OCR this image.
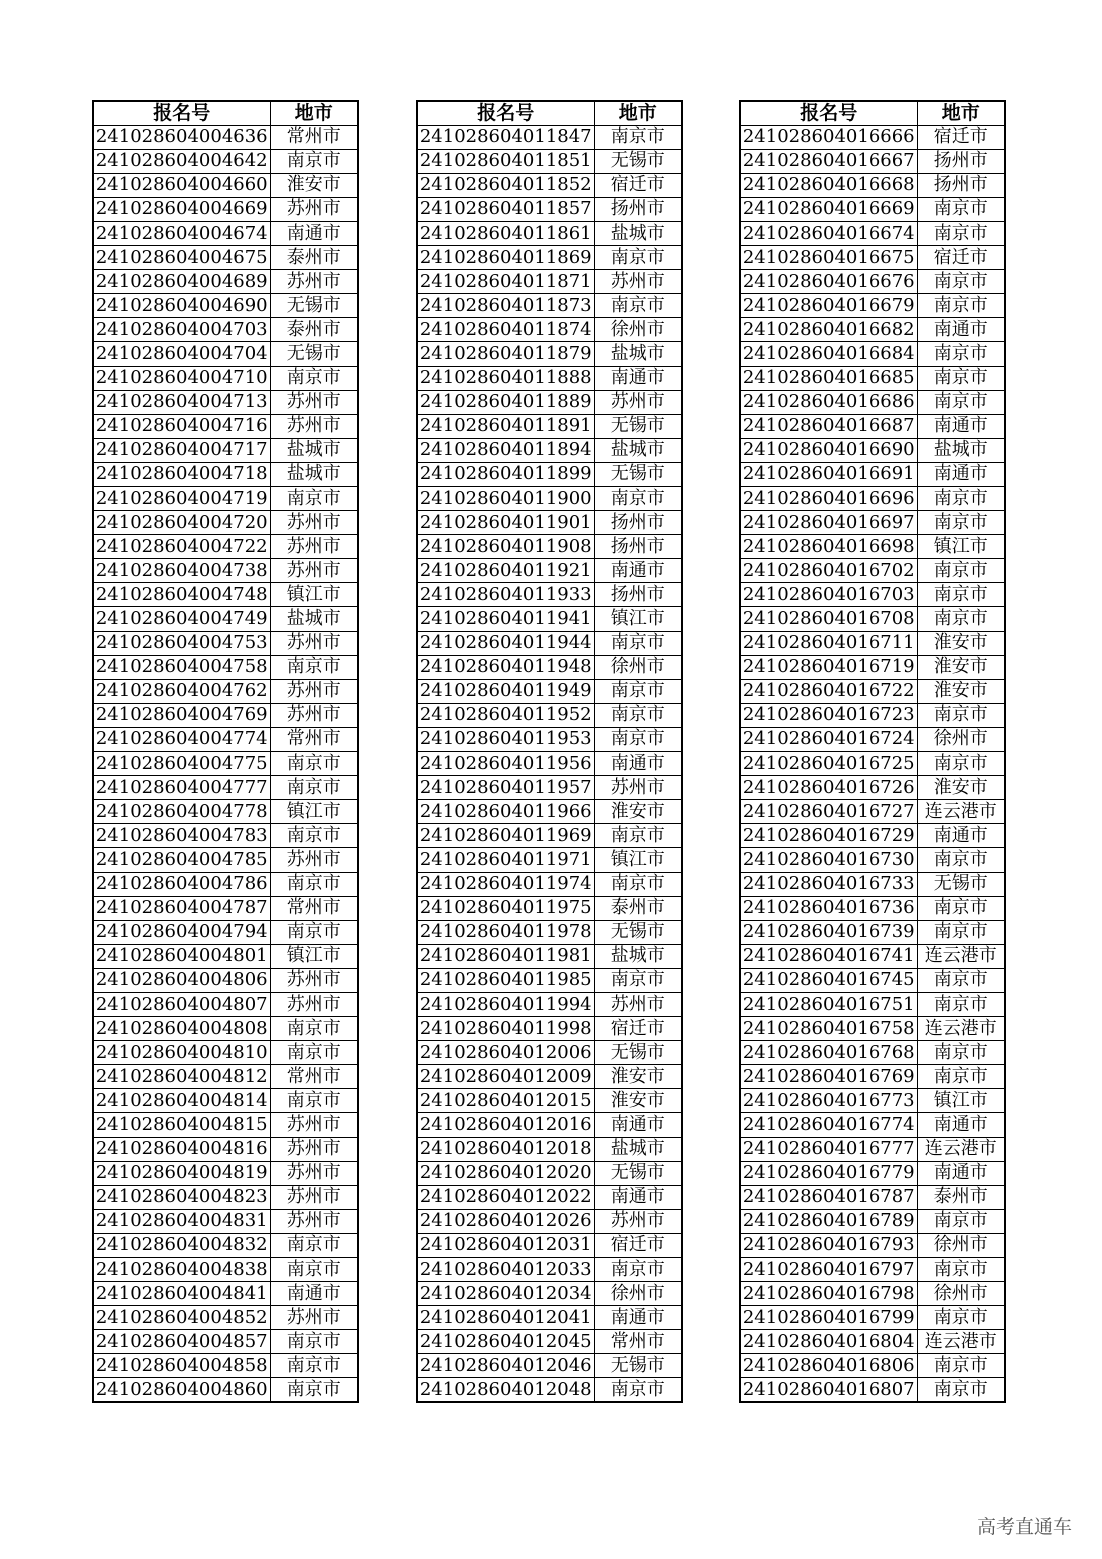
报名号	地市
241028604004636	常州市
241028604004642	南京市
241028604004660	淮安市
241028604004669	苏州市
241028604004674	南通市
241028604004675	泰州市
241028604004689	苏州市
241028604004690	无锡市
241028604004703	泰州市
241028604004704	无锡市
241028604004710	南京市
241028604004713	苏州市
241028604004716	苏州市
241028604004717	盐城市
241028604004718	盐城市
241028604004719	南京市
241028604004720	苏州市
241028604004722	苏州市
241028604004738	苏州市
241028604004748	镇江市
241028604004749	盐城市
241028604004753	苏州市
241028604004758	南京市
241028604004762	苏州市
241028604004769	苏州市
241028604004774	常州市
241028604004775	南京市
241028604004777	南京市
241028604004778	镇江市
241028604004783	南京市
241028604004785	苏州市
241028604004786	南京市
241028604004787	常州市
241028604004794	南京市
241028604004801	镇江市
241028604004806	苏州市
241028604004807	苏州市
241028604004808	南京市
241028604004810	南京市
241028604004812	常州市
241028604004814	南京市
241028604004815	苏州市
241028604004816	苏州市
241028604004819	苏州市
241028604004823	苏州市
241028604004831	苏州市
241028604004832	南京市
241028604004838	南京市
241028604004841	南通市
241028604004852	苏州市
241028604004857	南京市
241028604004858	南京市
241028604004860	南京市
报名号	地市
241028604011847	南京市
241028604011851	无锡市
241028604011852	宿迁市
241028604011857	扬州市
241028604011861	盐城市
241028604011869	南京市
241028604011871	苏州市
241028604011873	南京市
241028604011874	徐州市
241028604011879	盐城市
241028604011888	南通市
241028604011889	苏州市
241028604011891	无锡市
241028604011894	盐城市
241028604011899	无锡市
241028604011900	南京市
241028604011901	扬州市
241028604011908	扬州市
241028604011921	南通市
241028604011933	扬州市
241028604011941	镇江市
241028604011944	南京市
241028604011948	徐州市
241028604011949	南京市
241028604011952	南京市
241028604011953	南京市
241028604011956	南通市
241028604011957	苏州市
241028604011966	淮安市
241028604011969	南京市
241028604011971	镇江市
241028604011974	南京市
241028604011975	泰州市
241028604011978	无锡市
241028604011981	盐城市
241028604011985	南京市
241028604011994	苏州市
241028604011998	宿迁市
241028604012006	无锡市
241028604012009	淮安市
241028604012015	淮安市
241028604012016	南通市
241028604012018	盐城市
241028604012020	无锡市
241028604012022	南通市
241028604012026	苏州市
241028604012031	宿迁市
241028604012033	南京市
241028604012034	徐州市
241028604012041	南通市
241028604012045	常州市
241028604012046	无锡市
241028604012048	南京市
报名号	地市
241028604016666	宿迁市
241028604016667	扬州市
241028604016668	扬州市
241028604016669	南京市
241028604016674	南京市
241028604016675	宿迁市
241028604016676	南京市
241028604016679	南京市
241028604016682	南通市
241028604016684	南京市
241028604016685	南京市
241028604016686	南京市
241028604016687	南通市
241028604016690	盐城市
241028604016691	南通市
241028604016696	南京市
241028604016697	南京市
241028604016698	镇江市
241028604016702	南京市
241028604016703	南京市
241028604016708	南京市
241028604016711	淮安市
241028604016719	淮安市
241028604016722	淮安市
241028604016723	南京市
241028604016724	徐州市
241028604016725	南京市
241028604016726	淮安市
241028604016727	连云港市
241028604016729	南通市
241028604016730	南京市
241028604016733	无锡市
241028604016736	南京市
241028604016739	南京市
241028604016741	连云港市
241028604016745	南京市
241028604016751	南京市
241028604016758	连云港市
241028604016768	南京市
241028604016769	南京市
241028604016773	镇江市
241028604016774	南通市
241028604016777	连云港市
241028604016779	南通市
241028604016787	泰州市
241028604016789	南京市
241028604016793	徐州市
241028604016797	南京市
241028604016798	徐州市
241028604016799	南京市
241028604016804	连云港市
241028604016806	南京市
241028604016807	南京市
高考直通车
